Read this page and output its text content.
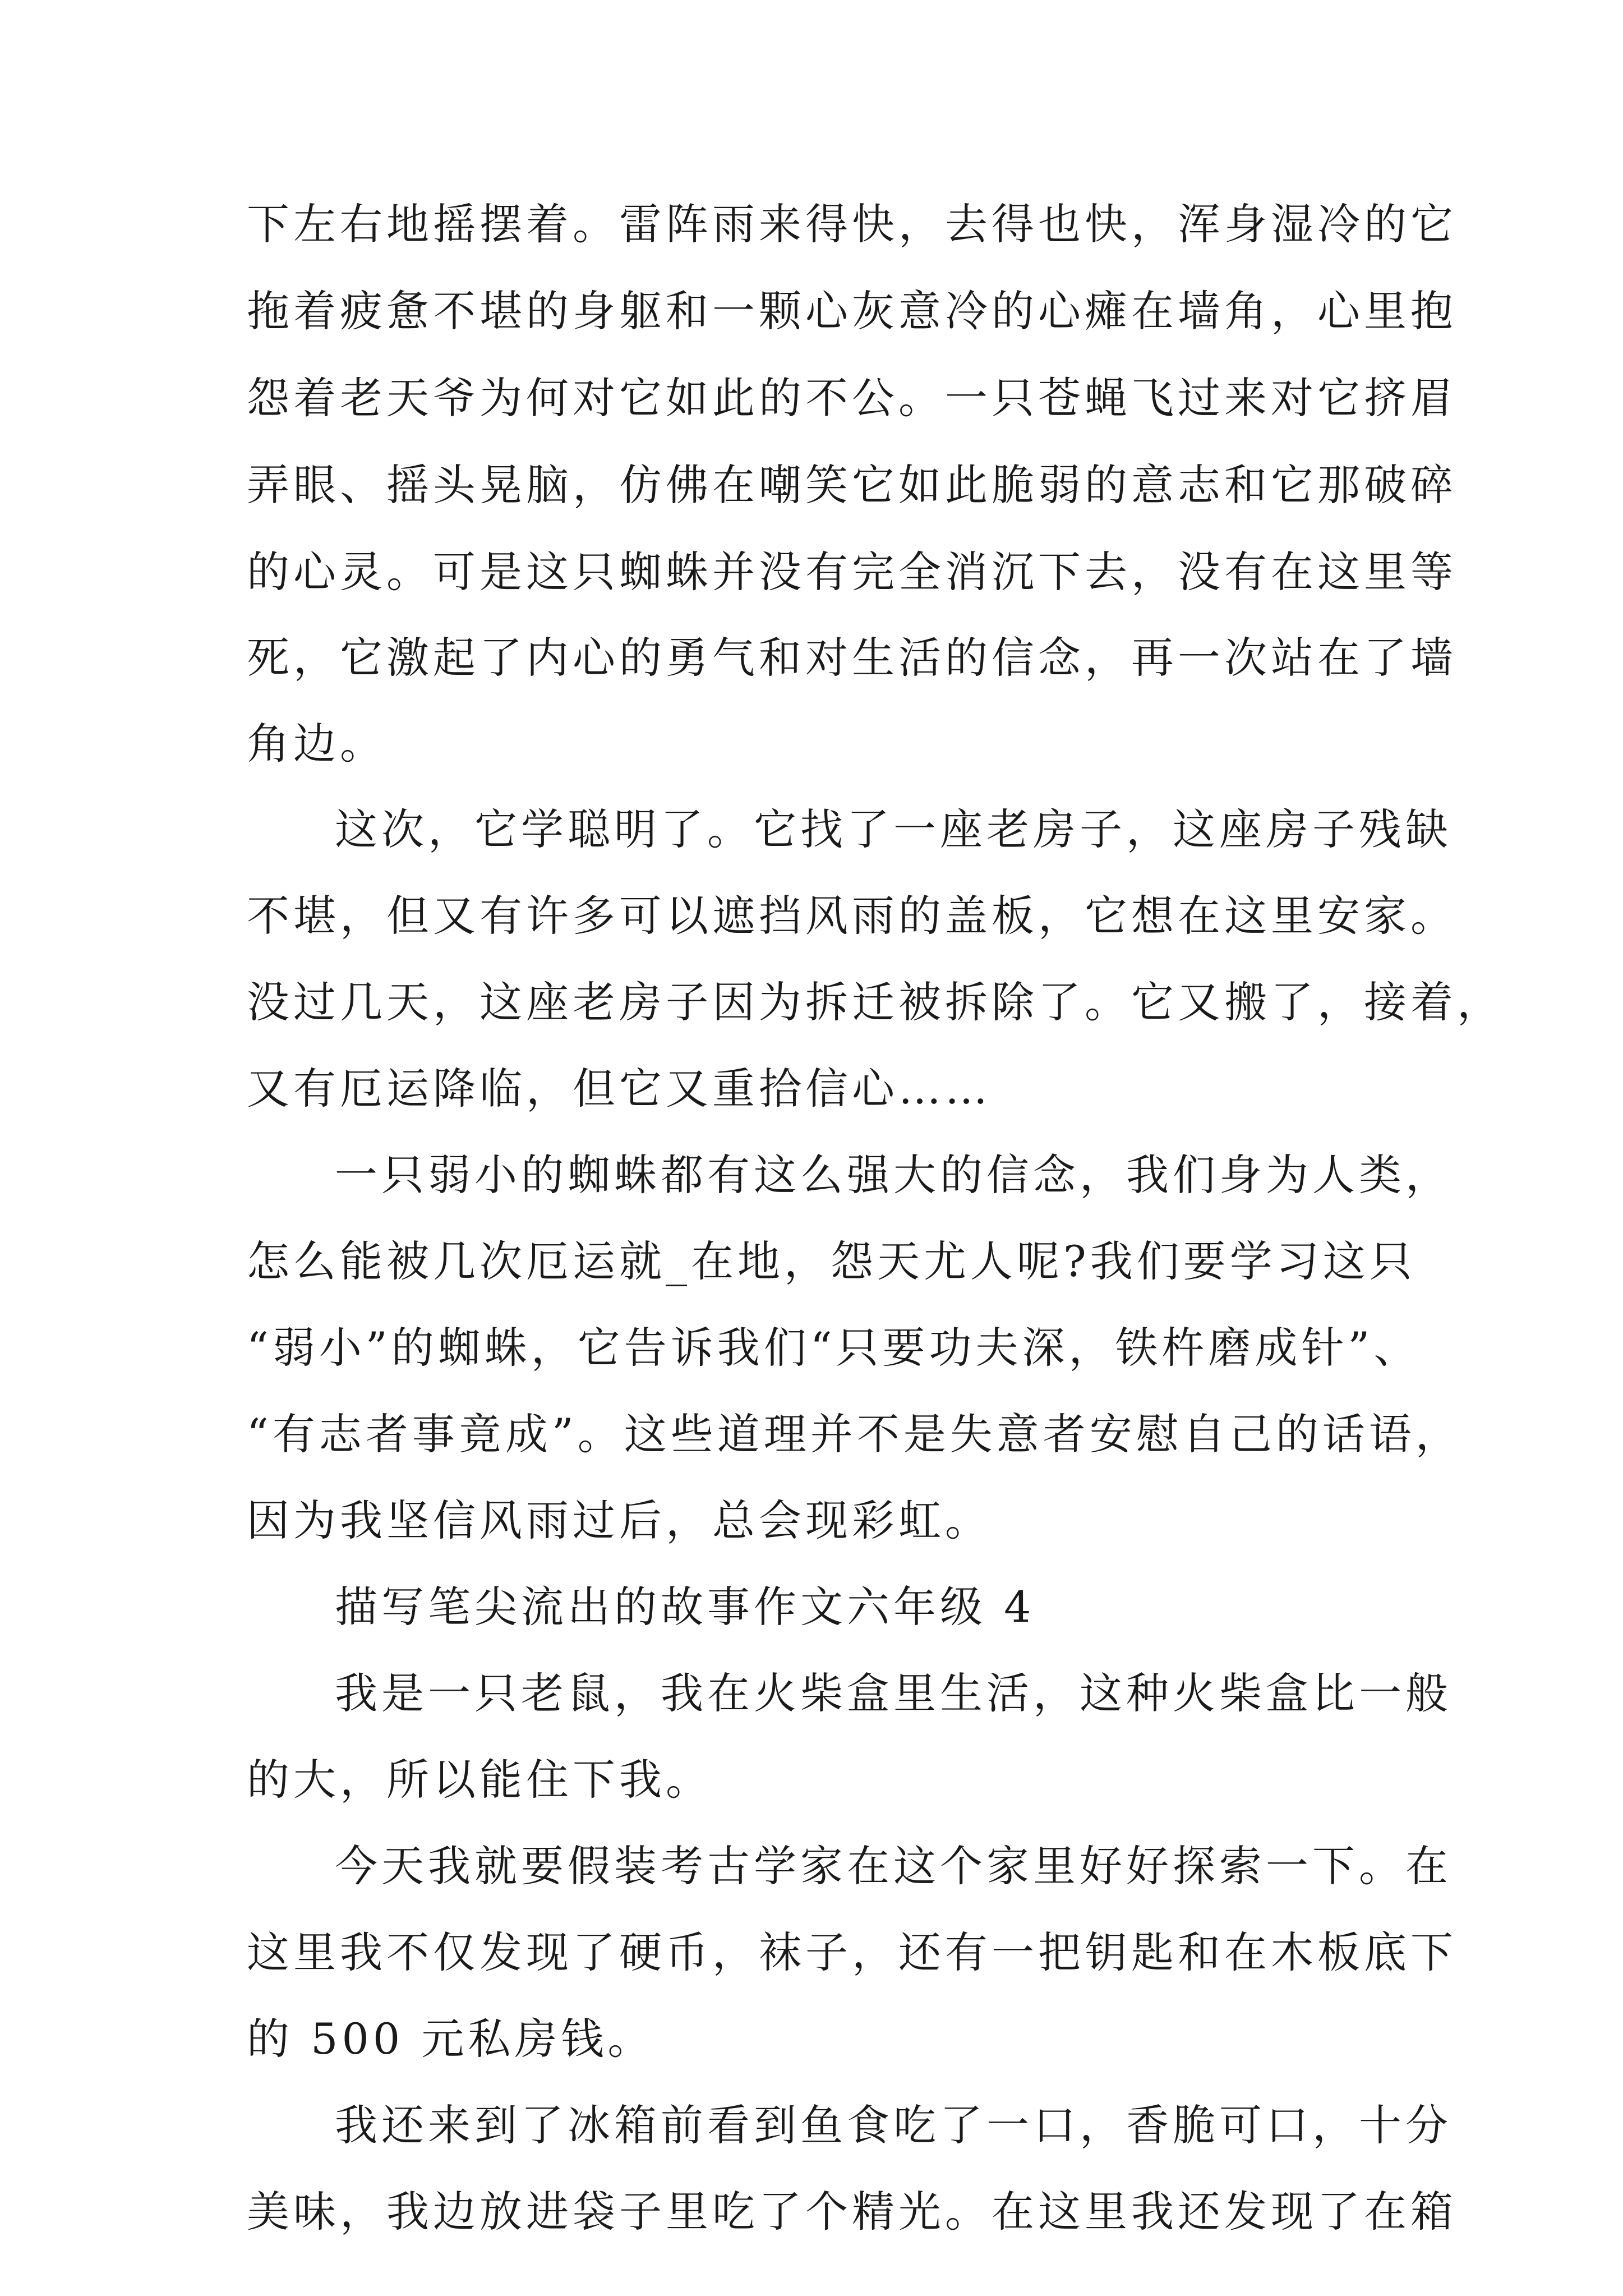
下左右地摇摆着。雷阵雨来得快，去得也快，浑身湿冷的它
拖着疲惫不堪的身躯和一颗心灰意冷的心瘫在墙角，心里抱
怨着老天爷为何对它如此的不公。一只苍蝇飞过来对它挤眉
弄眼、摇头晃脑，仿佛在嘲笑它如此脆弱的意志和它那破碎
的心灵。可是这只蜘蛛并没有完全消沉下去，没有在这里等
死，它激起了内心的勇气和对生活的信念，再一次站在了墙
角边。
这次，它学聪明了。它找了一座老房子，这座房子残缺
不堪，但又有许多可以遮挡风雨的盖板，它想在这里安家。
没过几天，这座老房子因为拆迁被拆除了。它又搬了，接着，
又有厄运降临，但它又重拾信心……
一只弱小的蜘蛛都有这么强大的信念，我们身为人类，
怎么能被几次厄运就_在地，怨天尤人呢?我们要学习这只
“弱小”的蜘蛛，它告诉我们“只要功夫深，铁杵磨成针”、
“有志者事竟成”。这些道理并不是失意者安慰自己的话语，
因为我坚信风雨过后，总会现彩虹。
描写笔尖流出的故事作文六年级 4
我是一只老鼠，我在火柴盒里生活，这种火柴盒比一般
的大，所以能住下我。
今天我就要假装考古学家在这个家里好好探索一下。在
这里我不仅发现了硬币，袜子，还有一把钥匙和在木板底下
的 500 元私房钱。
我还来到了冰箱前看到鱼食吃了一口，香脆可口，十分
美味，我边放进袋子里吃了个精光。在这里我还发现了在箱
